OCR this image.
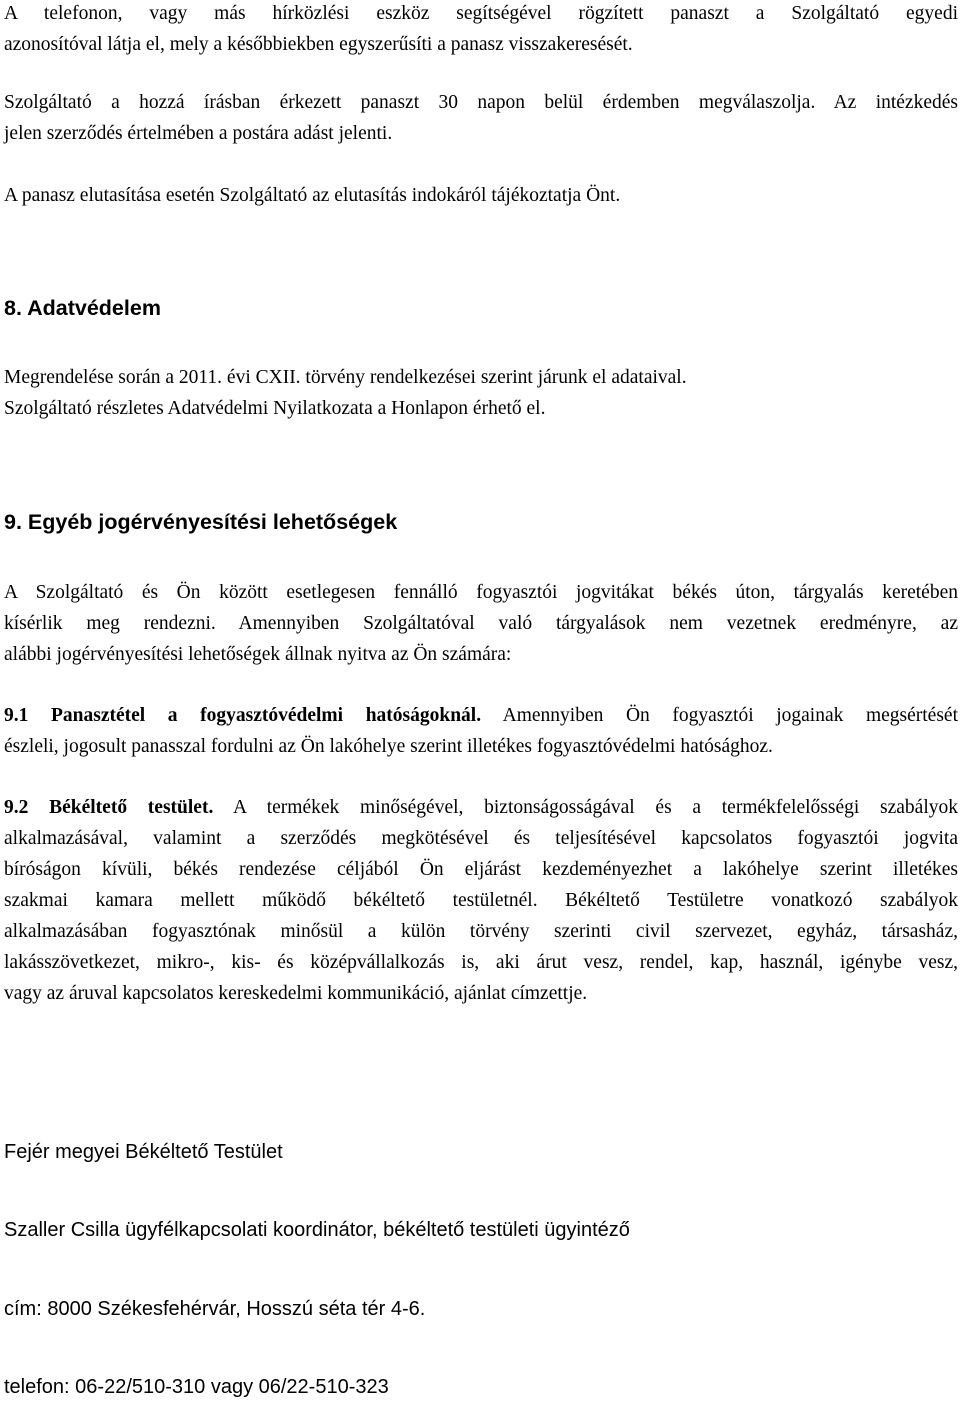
A telefonon, vagy más hírközlési eszköz segítségével rögzített panaszt a Szolgáltató egyedi
azonosítóval látja el, mely a későbbiekben egyszerűsíti a panasz visszakeresését.
Szolgáltató a hozzá írásban érkezett panaszt 30 napon belül érdemben megválaszolja. Az intézkedés
jelen szerződés értelmében a postára adást jelenti.
A panasz elutasítása esetén Szolgáltató az elutasítás indokáról tájékoztatja Önt.
8. Adatvédelem
Megrendelése során a 2011. évi CXII. törvény rendelkezései szerint járunk el adataival.
Szolgáltató részletes Adatvédelmi Nyilatkozata a Honlapon érhető el.
9. Egyéb jogérvényesítési lehetőségek
A Szolgáltató és Ön között esetlegesen fennálló fogyasztói jogvitákat békés úton, tárgyalás keretében
kísérlik meg rendezni. Amennyiben Szolgáltatóval való tárgyalások nem vezetnek eredményre, az
alábbi jogérvényesítési lehetőségek állnak nyitva az Ön számára:
9.1 Panasztétel a fogyasztóvédelmi hatóságoknál. Amennyiben Ön fogyasztói jogainak megsértését
észleli, jogosult panasszal fordulni az Ön lakóhelye szerint illetékes fogyasztóvédelmi hatósághoz.
9.2 Békéltető testület. A termékek minőségével, biztonságosságával és a termékfelelősségi szabályok
alkalmazásával, valamint a szerződés megkötésével és teljesítésével kapcsolatos fogyasztói jogvita
bíróságon kívüli, békés rendezése céljából Ön eljárást kezdeményezhet a lakóhelye szerint illetékes
szakmai kamara mellett működő békéltető testületnél. Békéltető Testületre vonatkozó szabályok
alkalmazásában fogyasztónak minősül a külön törvény szerinti civil szervezet, egyház, társasház,
lakásszövetkezet, mikro-, kis- és középvállalkozás is, aki árut vesz, rendel, kap, használ, igénybe vesz,
vagy az áruval kapcsolatos kereskedelmi kommunikáció, ajánlat címzettje.
Fejér megyei Békéltető Testület
Szaller Csilla ügyfélkapcsolati koordinátor, békéltető testületi ügyintéző
cím: 8000 Székesfehérvár, Hosszú séta tér 4-6.
telefon: 06-22/510-310 vagy 06/22-510-323
